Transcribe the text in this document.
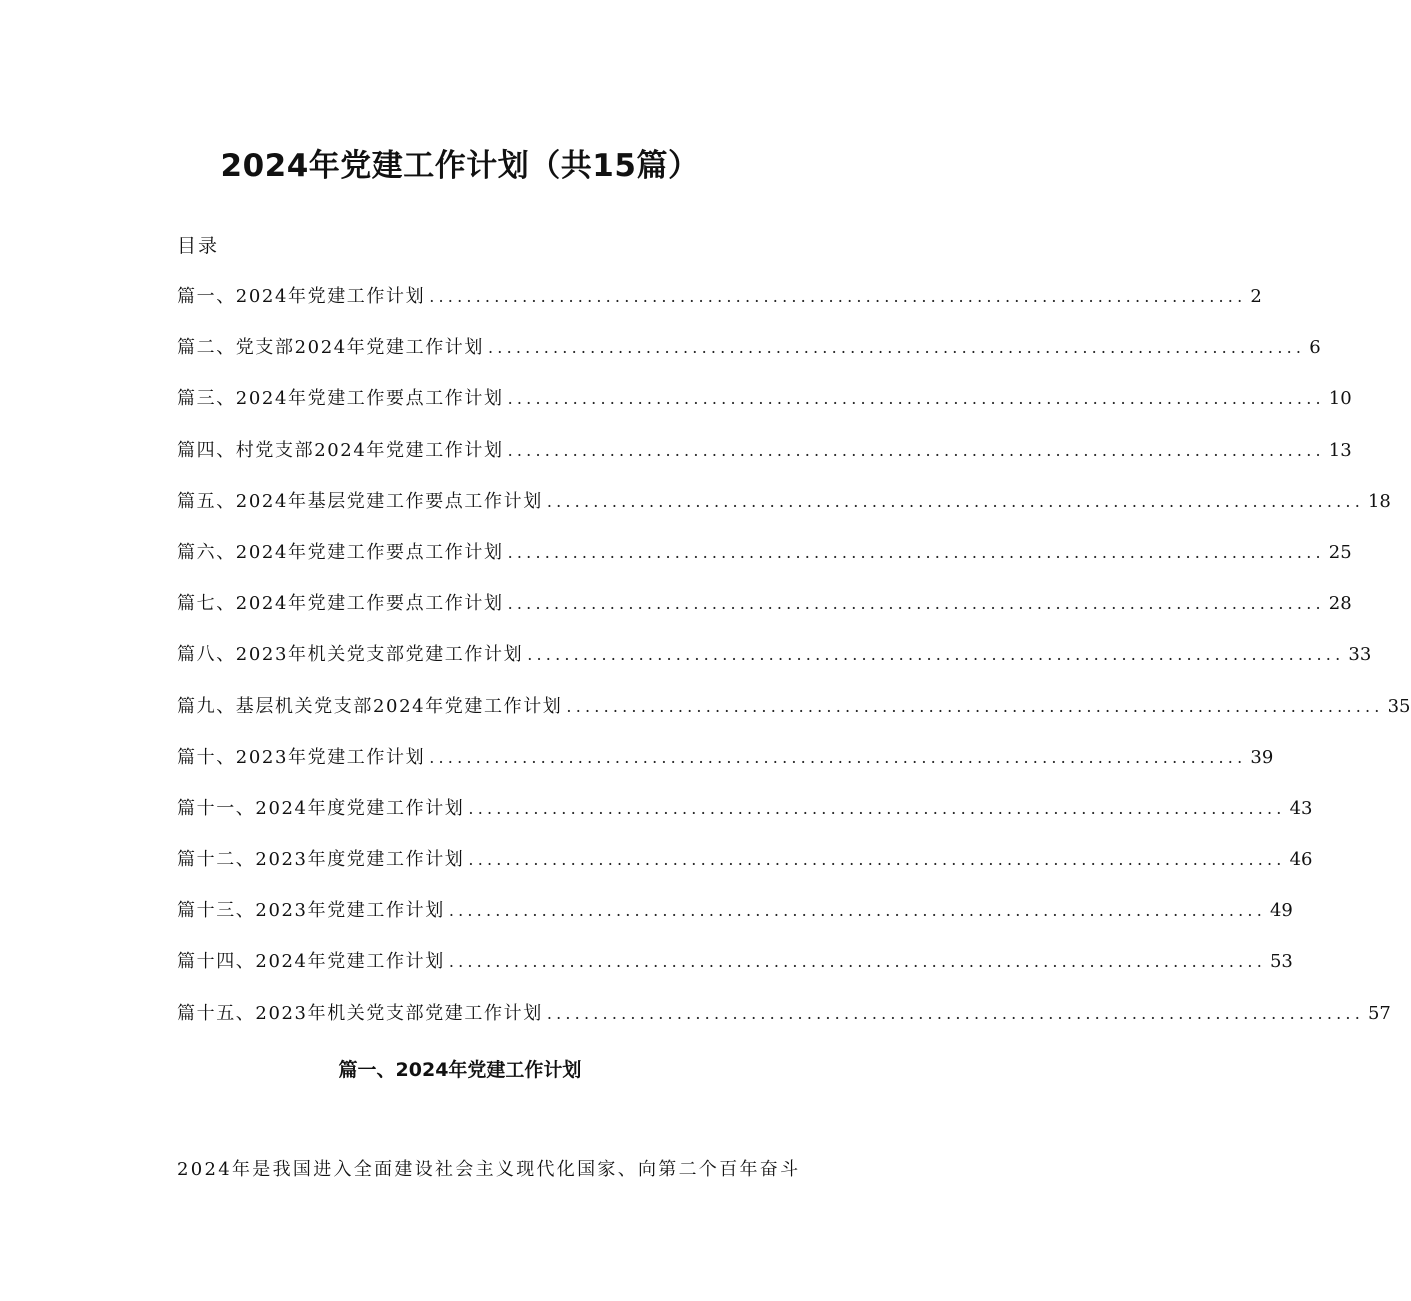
2024年党建工作计划（共15篇）
目录
篇一、2024年党建工作计划 ........................................................................................ 2
篇二、党支部2024年党建工作计划 ........................................................................................ 6
篇三、2024年党建工作要点工作计划 ........................................................................................ 10
篇四、村党支部2024年党建工作计划 ........................................................................................ 13
篇五、2024年基层党建工作要点工作计划 ........................................................................................ 18
篇六、2024年党建工作要点工作计划 ........................................................................................ 25
篇七、2024年党建工作要点工作计划 ........................................................................................ 28
篇八、2023年机关党支部党建工作计划 ........................................................................................ 33
篇九、基层机关党支部2024年党建工作计划 ........................................................................................ 35
篇十、2023年党建工作计划 ........................................................................................ 39
篇十一、2024年度党建工作计划 ........................................................................................ 43
篇十二、2023年度党建工作计划 ........................................................................................ 46
篇十三、2023年党建工作计划 ........................................................................................ 49
篇十四、2024年党建工作计划 ........................................................................................ 53
篇十五、2023年机关党支部党建工作计划 ........................................................................................ 57
篇一、2024年党建工作计划

2024年是我国进入全面建设社会主义现代化国家、向第二个百年奋斗
